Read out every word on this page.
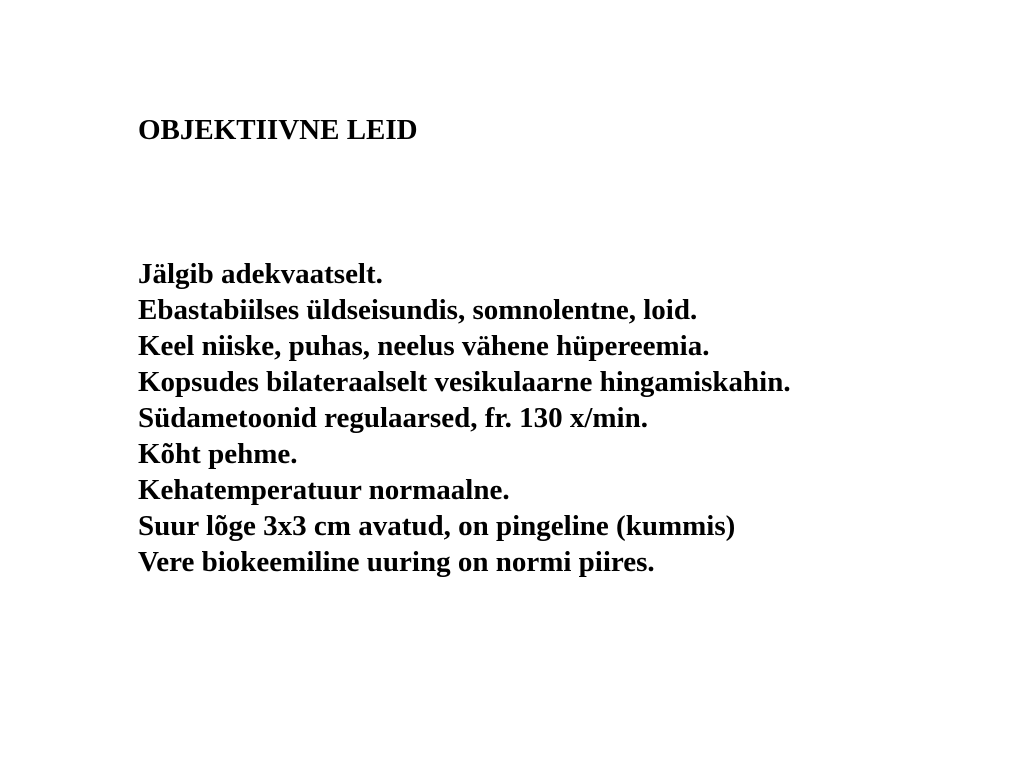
OBJEKTIIVNE LEID
Jälgib adekvaatselt.
Ebastabiilses üldseisundis, somnolentne, loid.
Keel niiske, puhas, neelus vähene hüpereemia.
Kopsudes bilateraalselt vesikulaarne hingamiskahin.
Südametoonid regulaarsed, fr. 130 x/min.
Kõht pehme.
Kehatemperatuur normaalne.
Suur lõge 3x3 cm avatud, on pingeline (kummis)
Vere biokeemiline uuring on normi piires.
